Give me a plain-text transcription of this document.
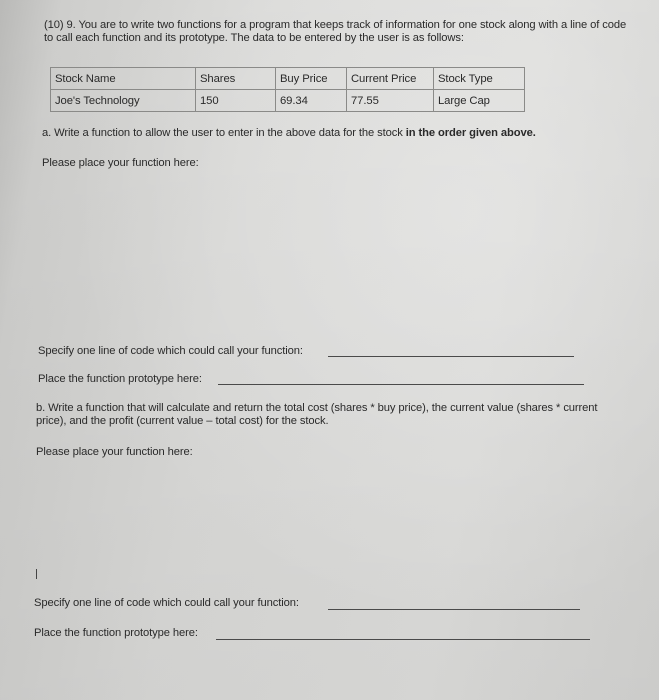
(10) 9. You are to write two functions for a program that keeps track of information for one stock along with a line of code to call each function and its prototype. The data to be entered by the user is as follows:
Stock Name	Shares	Buy Price	Current Price	Stock Type
Joe's Technology	150	69.34	77.55	Large Cap
a. Write a function to allow the user to enter in the above data for the stock in the order given above.
Please place your function here:
Specify one line of code which could call your function:
Place the function prototype here:
b. Write a function that will calculate and return the total cost (shares * buy price), the current value (shares * current price), and the profit (current value – total cost) for the stock.
Please place your function here:
Specify one line of code which could call your function:
Place the function prototype here:
